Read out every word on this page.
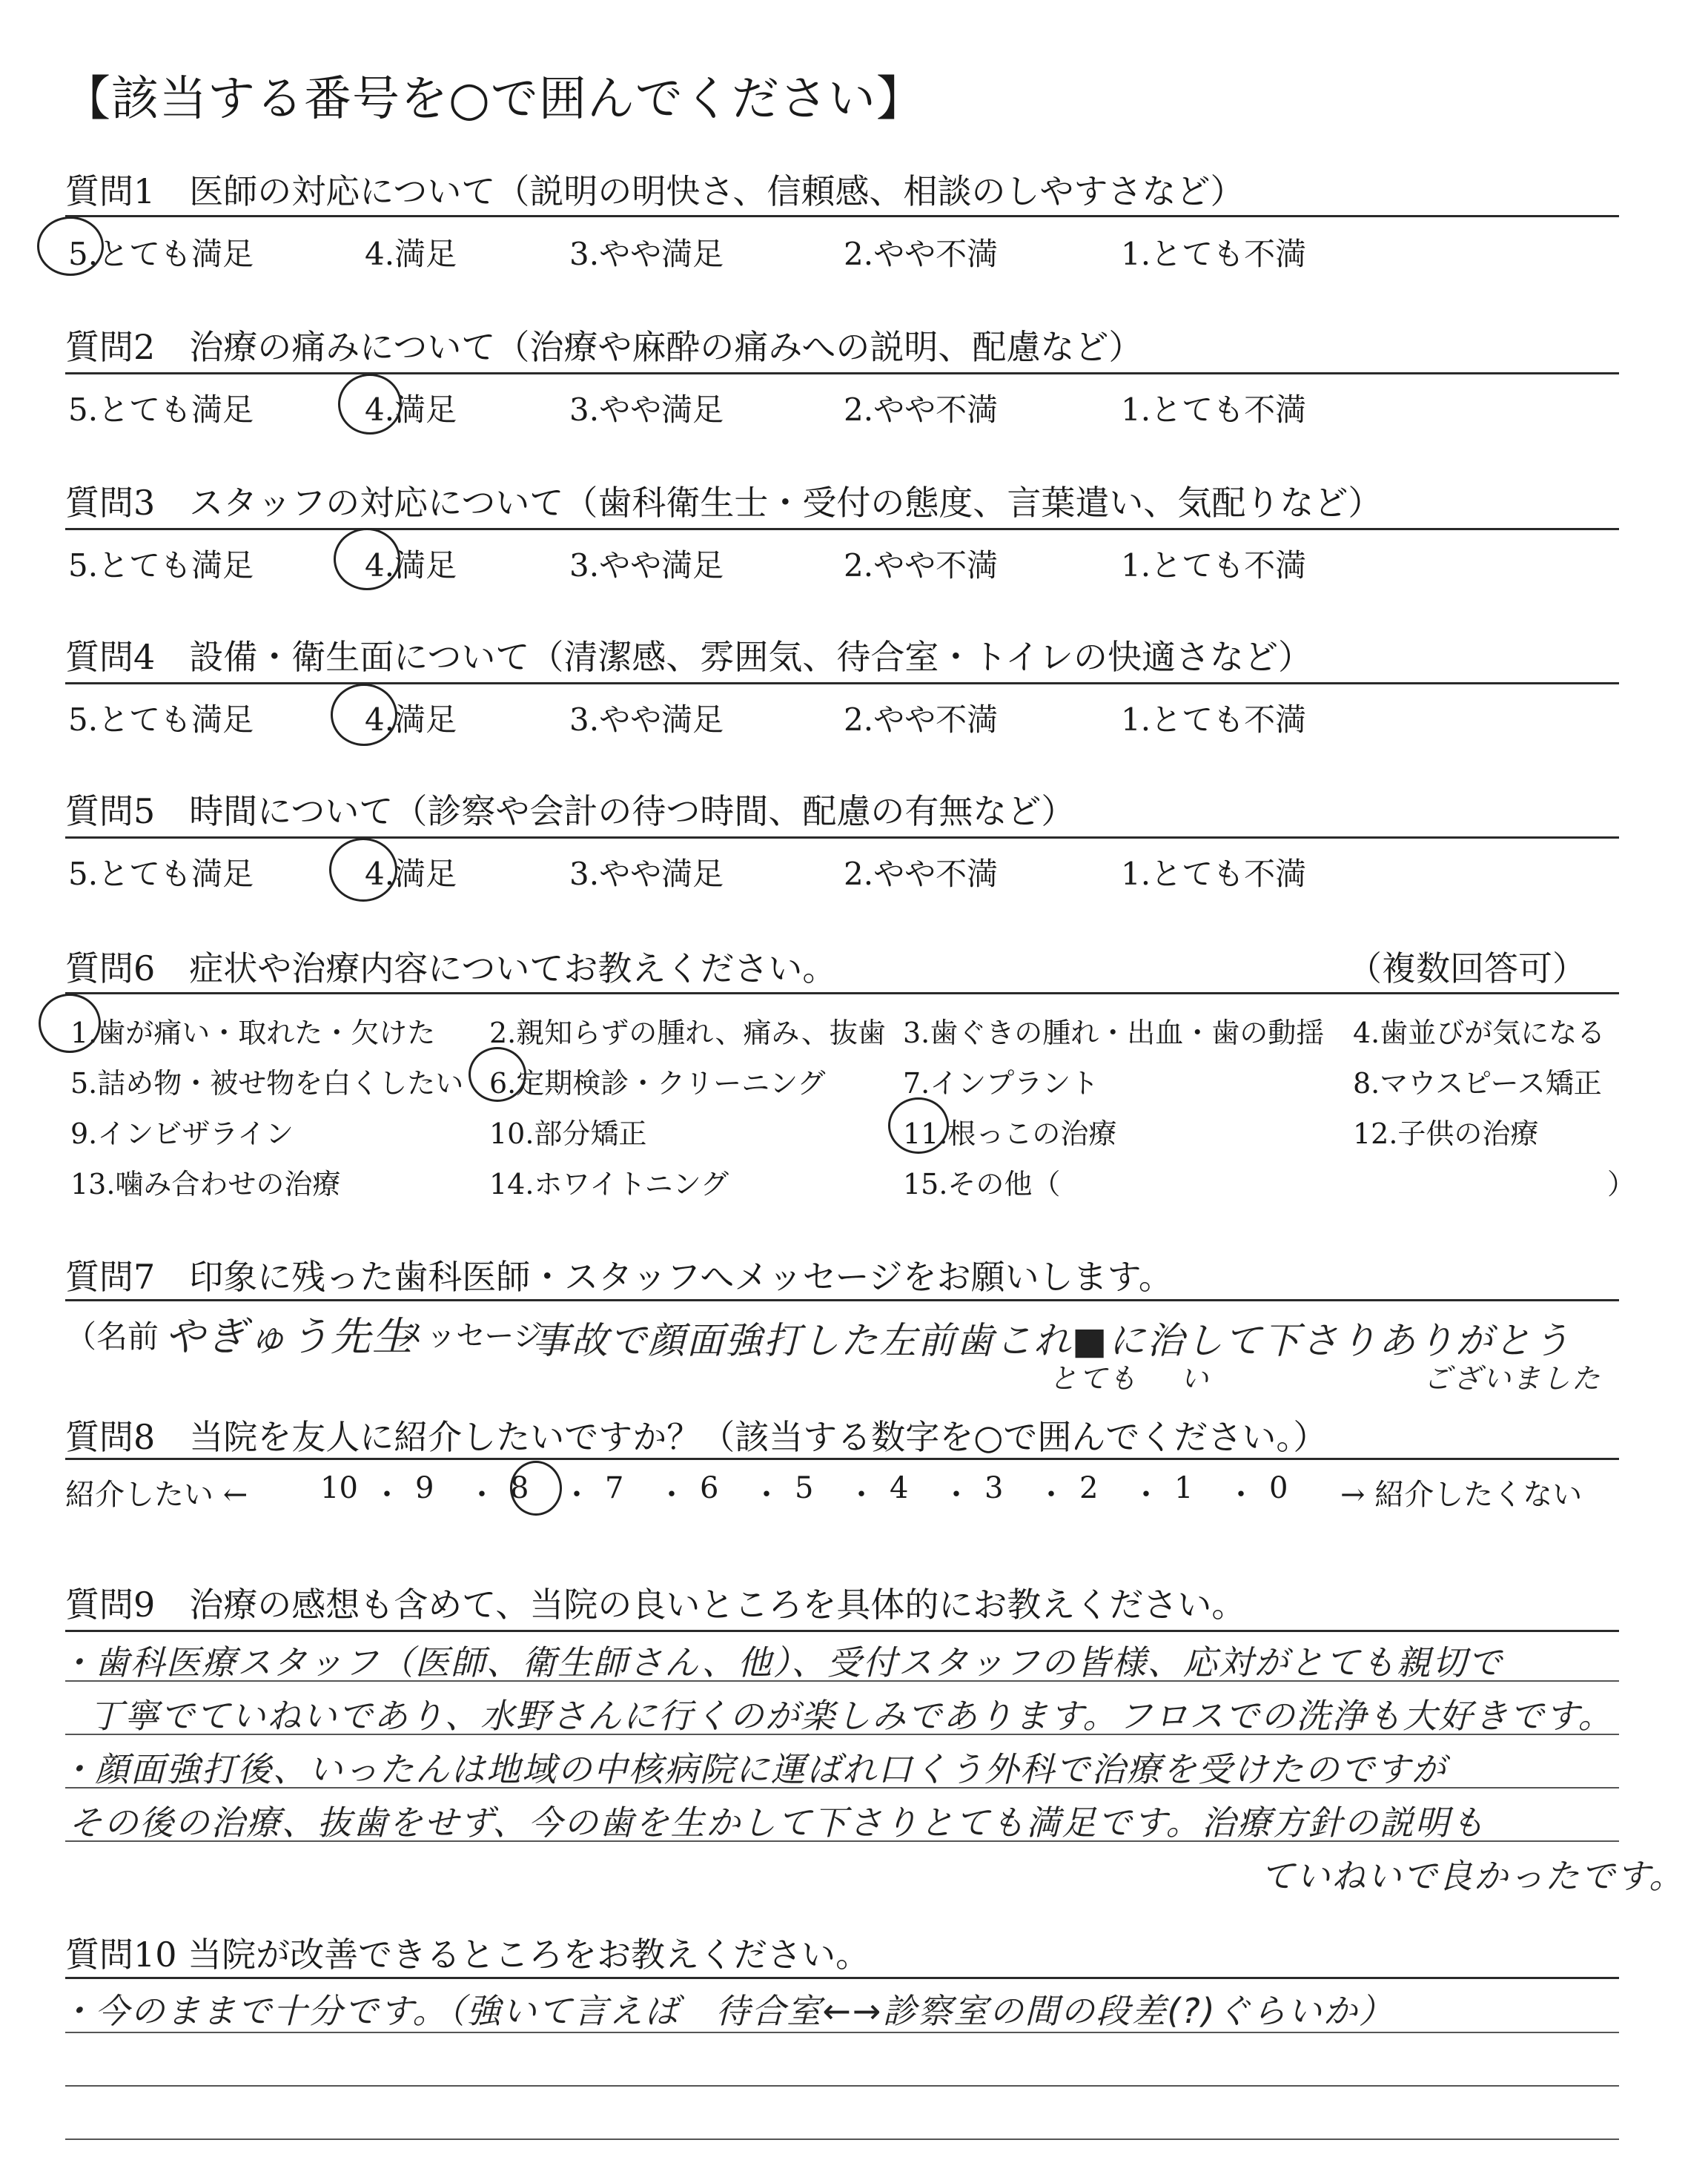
【該当する番号を○で囲んでください】
質問1　医師の対応について（説明の明快さ、信頼感、相談のしやすさなど）
5.とても満足	4.満足	3.やや満足	2.やや不満	1.とても不満
質問2　治療の痛みについて（治療や麻酔の痛みへの説明、配慮など）
5.とても満足	4.満足	3.やや満足	2.やや不満	1.とても不満
質問3　スタッフの対応について（歯科衛生士・受付の態度、言葉遣い、気配りなど）
5.とても満足	4.満足	3.やや満足	2.やや不満	1.とても不満
質問4　設備・衛生面について（清潔感、雰囲気、待合室・トイレの快適さなど）
5.とても満足	4.満足	3.やや満足	2.やや不満	1.とても不満
質問5　時間について（診察や会計の待つ時間、配慮の有無など）
5.とても満足	4.満足	3.やや満足	2.やや不満	1.とても不満
質問6　症状や治療内容についてお教えください。	（複数回答可）
1.歯が痛い・取れた・欠けた 2.親知らずの腫れ、痛み、抜歯 3.歯ぐきの腫れ・出血・歯の動揺 4.歯並びが気になる
5.詰め物・被せ物を白くしたい 6.定期検診・クリーニング	7.インプラント	8.マウスピース矯正
9.インビザライン	10.部分矯正	11.根っこの治療	12.子供の治療
13.噛み合わせの治療	14.ホワイトニング	15.その他（	）
質問7　印象に残った歯科医師・スタッフへメッセージをお願いします。
（名前 やぎゅう先生
メッセージ
事故で顔面強打した左前歯これ■に治して下さりありがとう
とても い	ございました
質問8　当院を友人に紹介したいですか？（該当する数字を○で囲んでください。）
紹介したい ← 10 ・ 9 ・ 8 ・ 7 ・ 6 ・ 5 ・ 4 ・ 3 ・ 2 ・ 1 ・ 0 → 紹介したくない
質問9　治療の感想も含めて、当院の良いところを具体的にお教えください。
・歯科医療スタッフ（医師、衛生師さん、他）、受付スタッフの皆様、応対がとても親切で
丁寧でていねいであり、水野さんに行くのが楽しみであります。フロスでの洗浄も大好きです。
・顔面強打後、いったんは地域の中核病院に運ばれ口くう外科で治療を受けたのですが
その後の治療、抜歯をせず、今の歯を生かして下さりとても満足です。治療方針の説明も
ていねいで良かったです。
質問10 当院が改善できるところをお教えください。
・今のままで十分です。（強いて言えば　待合室←→診察室の間の段差(?)ぐらいか）
